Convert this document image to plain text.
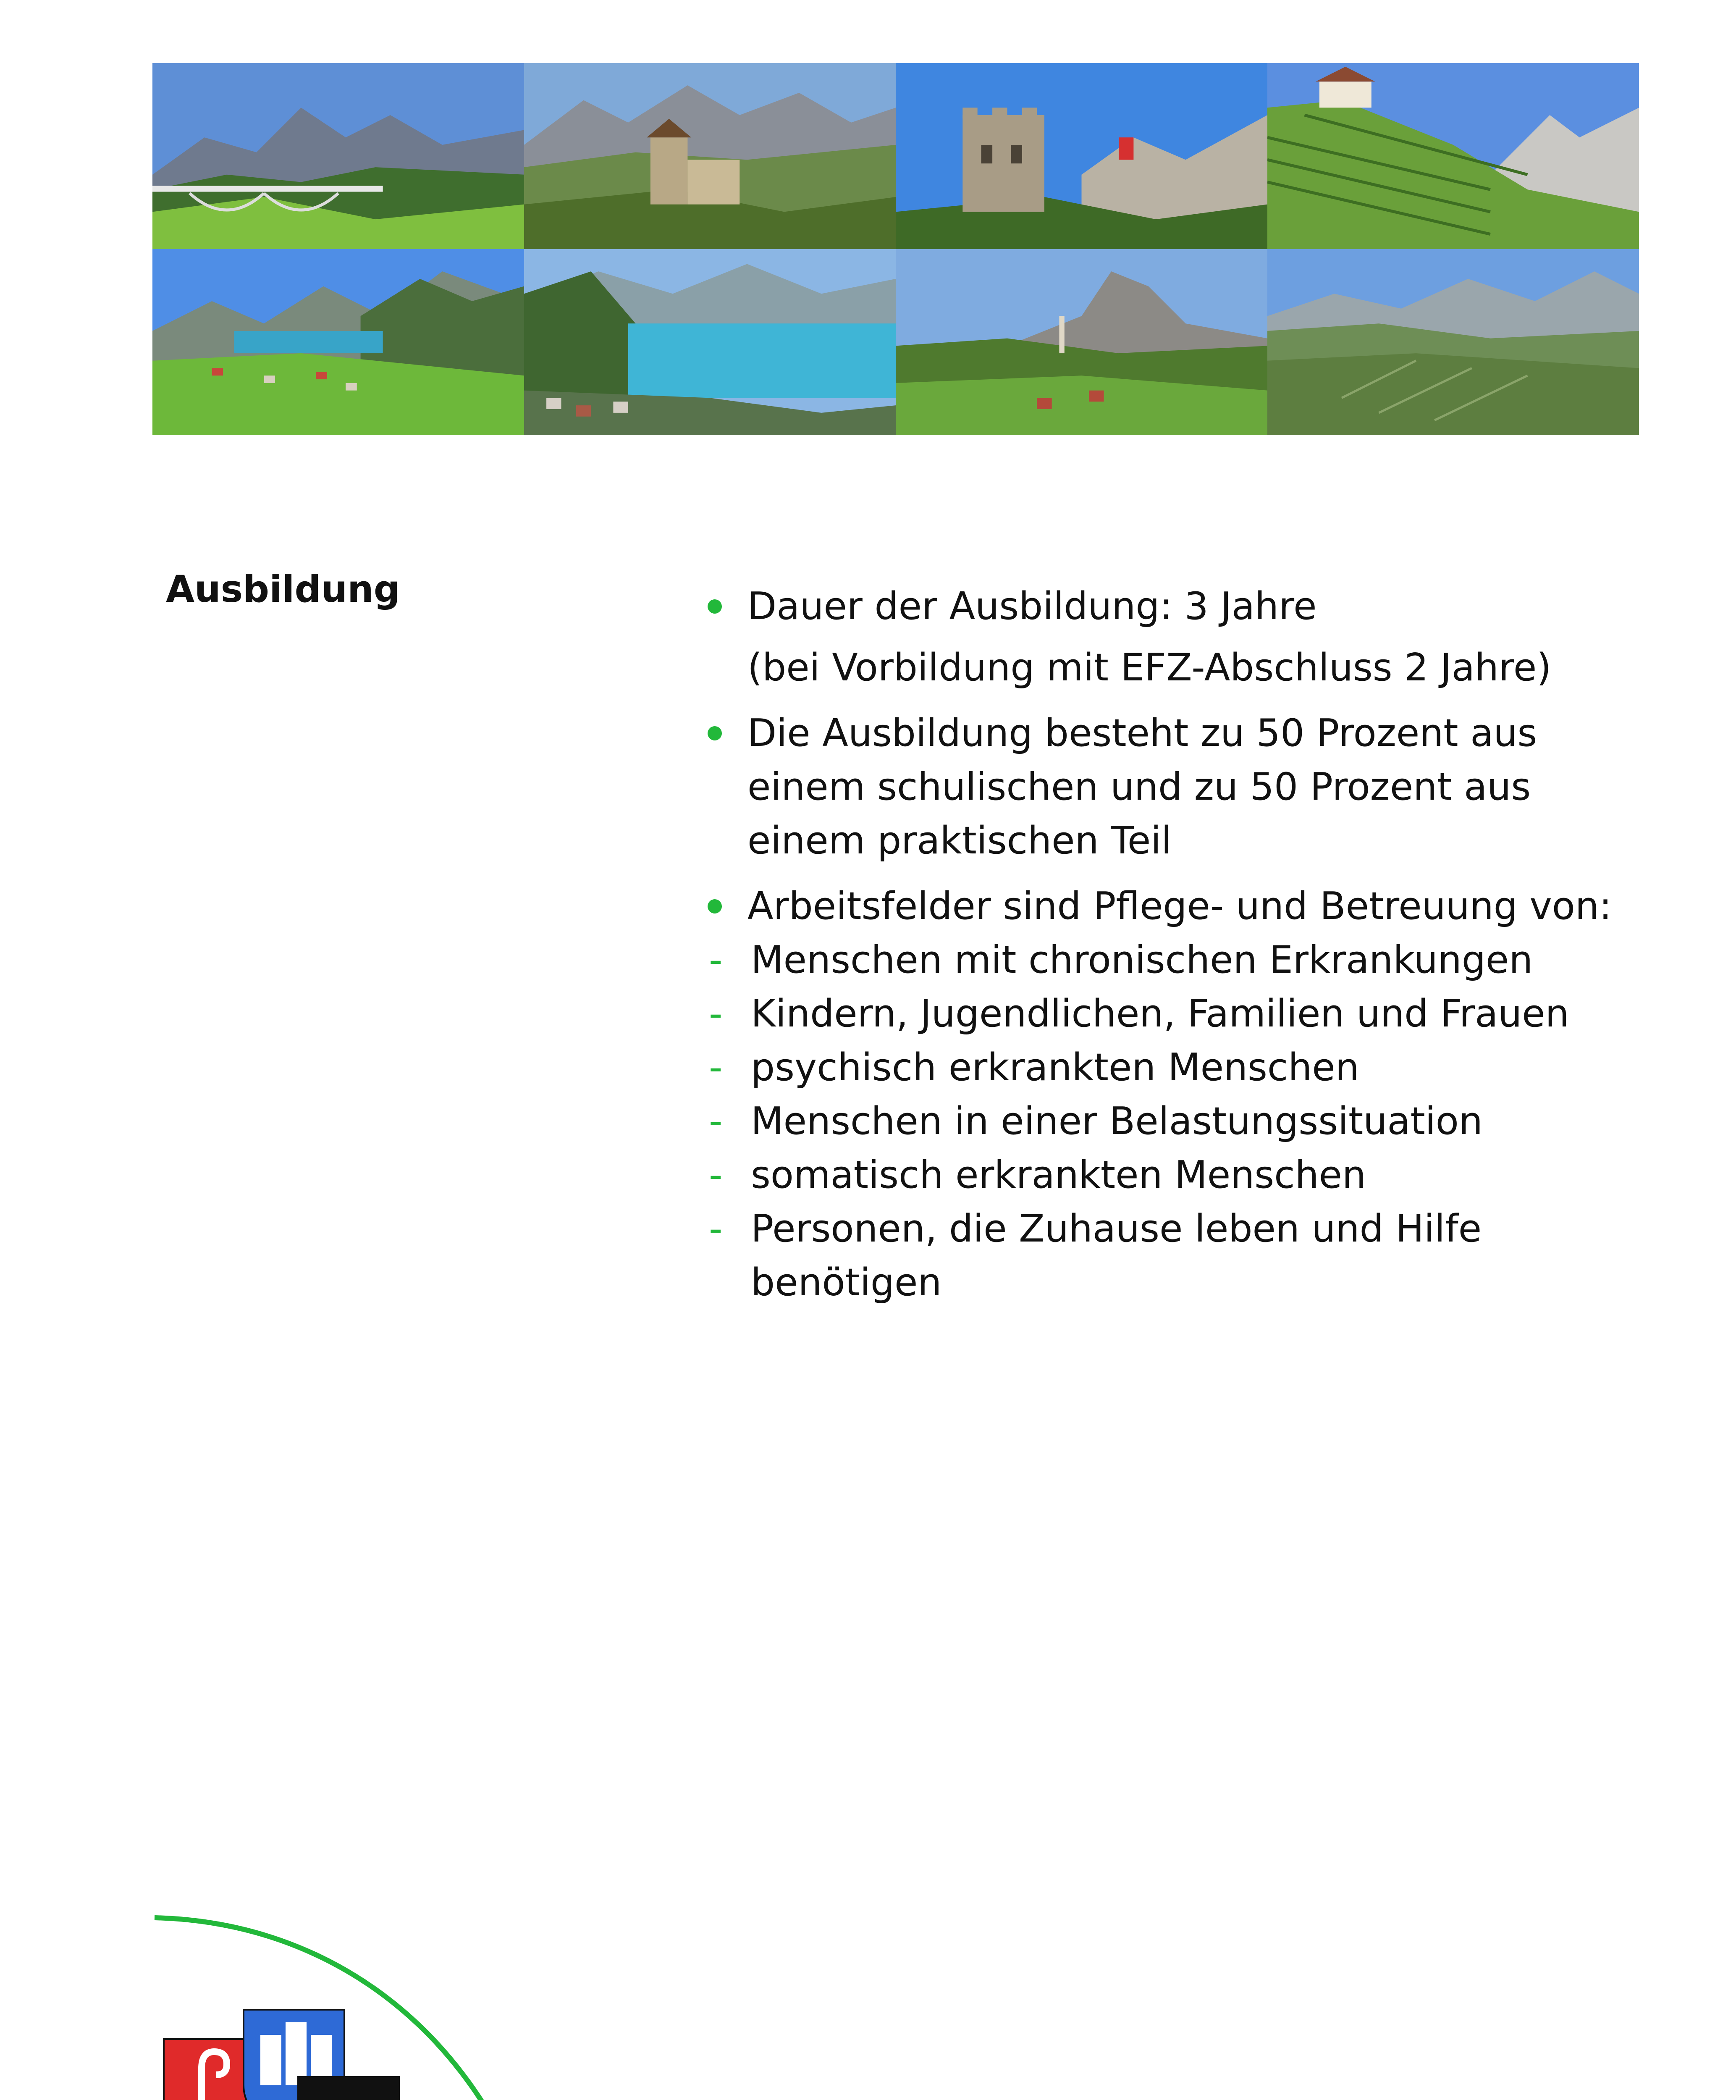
Ausbildung	Dauer der Ausbildung: 3 Jahre
(bei Vorbildung mit EFZ-Abschluss 2 Jahre)
Die Ausbildung besteht zu 50 Prozent aus einem schulischen und zu 50 Prozent aus einem praktischen Teil
Arbeitsfelder sind Pflege- und Betreuung von:
- Menschen mit chronischen Erkrankungen
- Kindern, Jugendlichen, Familien und Frauen
- psychisch erkrankten Menschen
- Menschen in einer Belastungssituation
- somatisch erkrankten Menschen
- Personen, die Zuhause leben und Hilfe benötigen
